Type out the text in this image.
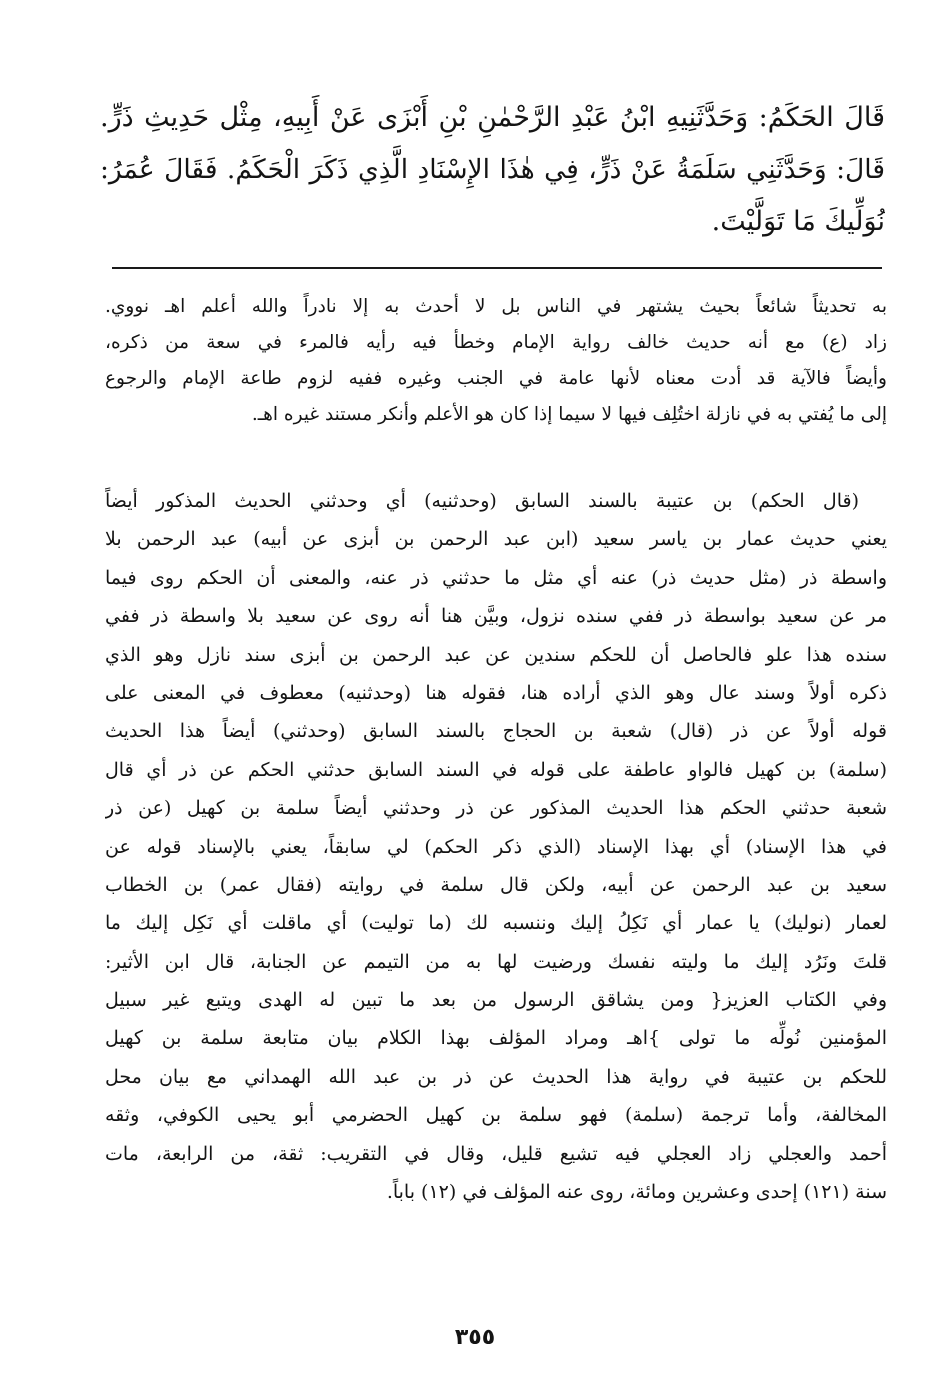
قَالَ الحَكَمُ: وَحَدَّثَنِيهِ ابْنُ عَبْدِ الرَّحْمٰنِ بْنِ أَبْزَى عَنْ أَبِيهِ، مِثْل حَدِيثِ ذَرٍّ.
قَالَ: وَحَدَّثَنِي سَلَمَةُ عَنْ ذَرٍّ، فِي هٰذَا الإِسْنَادِ الَّذِي ذَكَرَ الْحَكَمُ. فَقَالَ عُمَرُ:
نُوَلِّيكَ مَا تَوَلَّيْتَ.
به تحديثاً شائعاً بحيث يشتهر في الناس بل لا أحدث به إلا نادراً والله أعلم اهـ نووي.
زاد (ع) مع أنه حديث خالف رواية الإمام وخطأ فيه رأيه فالمرء في سعة من ذكره،
وأيضاً فالآية قد أدت معناه لأنها عامة في الجنب وغيره ففيه لزوم طاعة الإمام والرجوع
إلى ما يُفتي به في نازلة اختُلِف فيها لا سيما إذا كان هو الأعلم وأنكر مستند غيره اهـ.
(قال الحكم) بن عتيبة بالسند السابق (وحدثنيه) أي وحدثني الحديث المذكور أيضاً
يعني حديث عمار بن ياسر سعيد (ابن عبد الرحمن بن أبزى عن أبيه) عبد الرحمن بلا
واسطة ذر (مثل حديث ذر) عنه أي مثل ما حدثني ذر عنه، والمعنى أن الحكم روى فيما
مر عن سعيد بواسطة ذر ففي سنده نزول، وبيَّن هنا أنه روى عن سعيد بلا واسطة ذر ففي
سنده هذا علو فالحاصل أن للحكم سندين عن عبد الرحمن بن أبزى سند نازل وهو الذي
ذكره أولاً وسند عال وهو الذي أراده هنا، فقوله هنا (وحدثنيه) معطوف في المعنى على
قوله أولاً عن ذر (قال) شعبة بن الحجاج بالسند السابق (وحدثني) أيضاً هذا الحديث
(سلمة) بن كهيل فالواو عاطفة على قوله في السند السابق حدثني الحكم عن ذر أي قال
شعبة حدثني الحكم هذا الحديث المذكور عن ذر وحدثني أيضاً سلمة بن كهيل (عن ذر
في هذا الإسناد) أي بهذا الإسناد (الذي ذكر الحكم) لي سابقاً، يعني بالإسناد قوله عن
سعيد بن عبد الرحمن عن أبيه، ولكن قال سلمة في روايته (فقال عمر) بن الخطاب
لعمار (نوليك) يا عمار أي نَكِلُ إليك وننسبه لك (ما توليت) أي ماقلت أي نَكِل إليك ما
قلتَ ونَرُد إليك ما وليته نفسك ورضيت لها به من التيمم عن الجنابة، قال ابن الأثير:
وفي الكتاب العزيز{ ومن يشاقق الرسول من بعد ما تبين له الهدى ويتبع غير سبيل
المؤمنين نُولِّه ما تولى }اهـ ومراد المؤلف بهذا الكلام بيان متابعة سلمة بن كهيل
للحكم بن عتيبة في رواية هذا الحديث عن ذر بن عبد الله الهمداني مع بيان محل
المخالفة، وأما ترجمة (سلمة) فهو سلمة بن كهيل الحضرمي أبو يحيى الكوفي، وثقه
أحمد والعجلي زاد العجلي فيه تشيع قليل، وقال في التقريب: ثقة، من الرابعة، مات
سنة (١٢١) إحدى وعشرين ومائة، روى عنه المؤلف في (١٢) باباً.
٣٥٥
